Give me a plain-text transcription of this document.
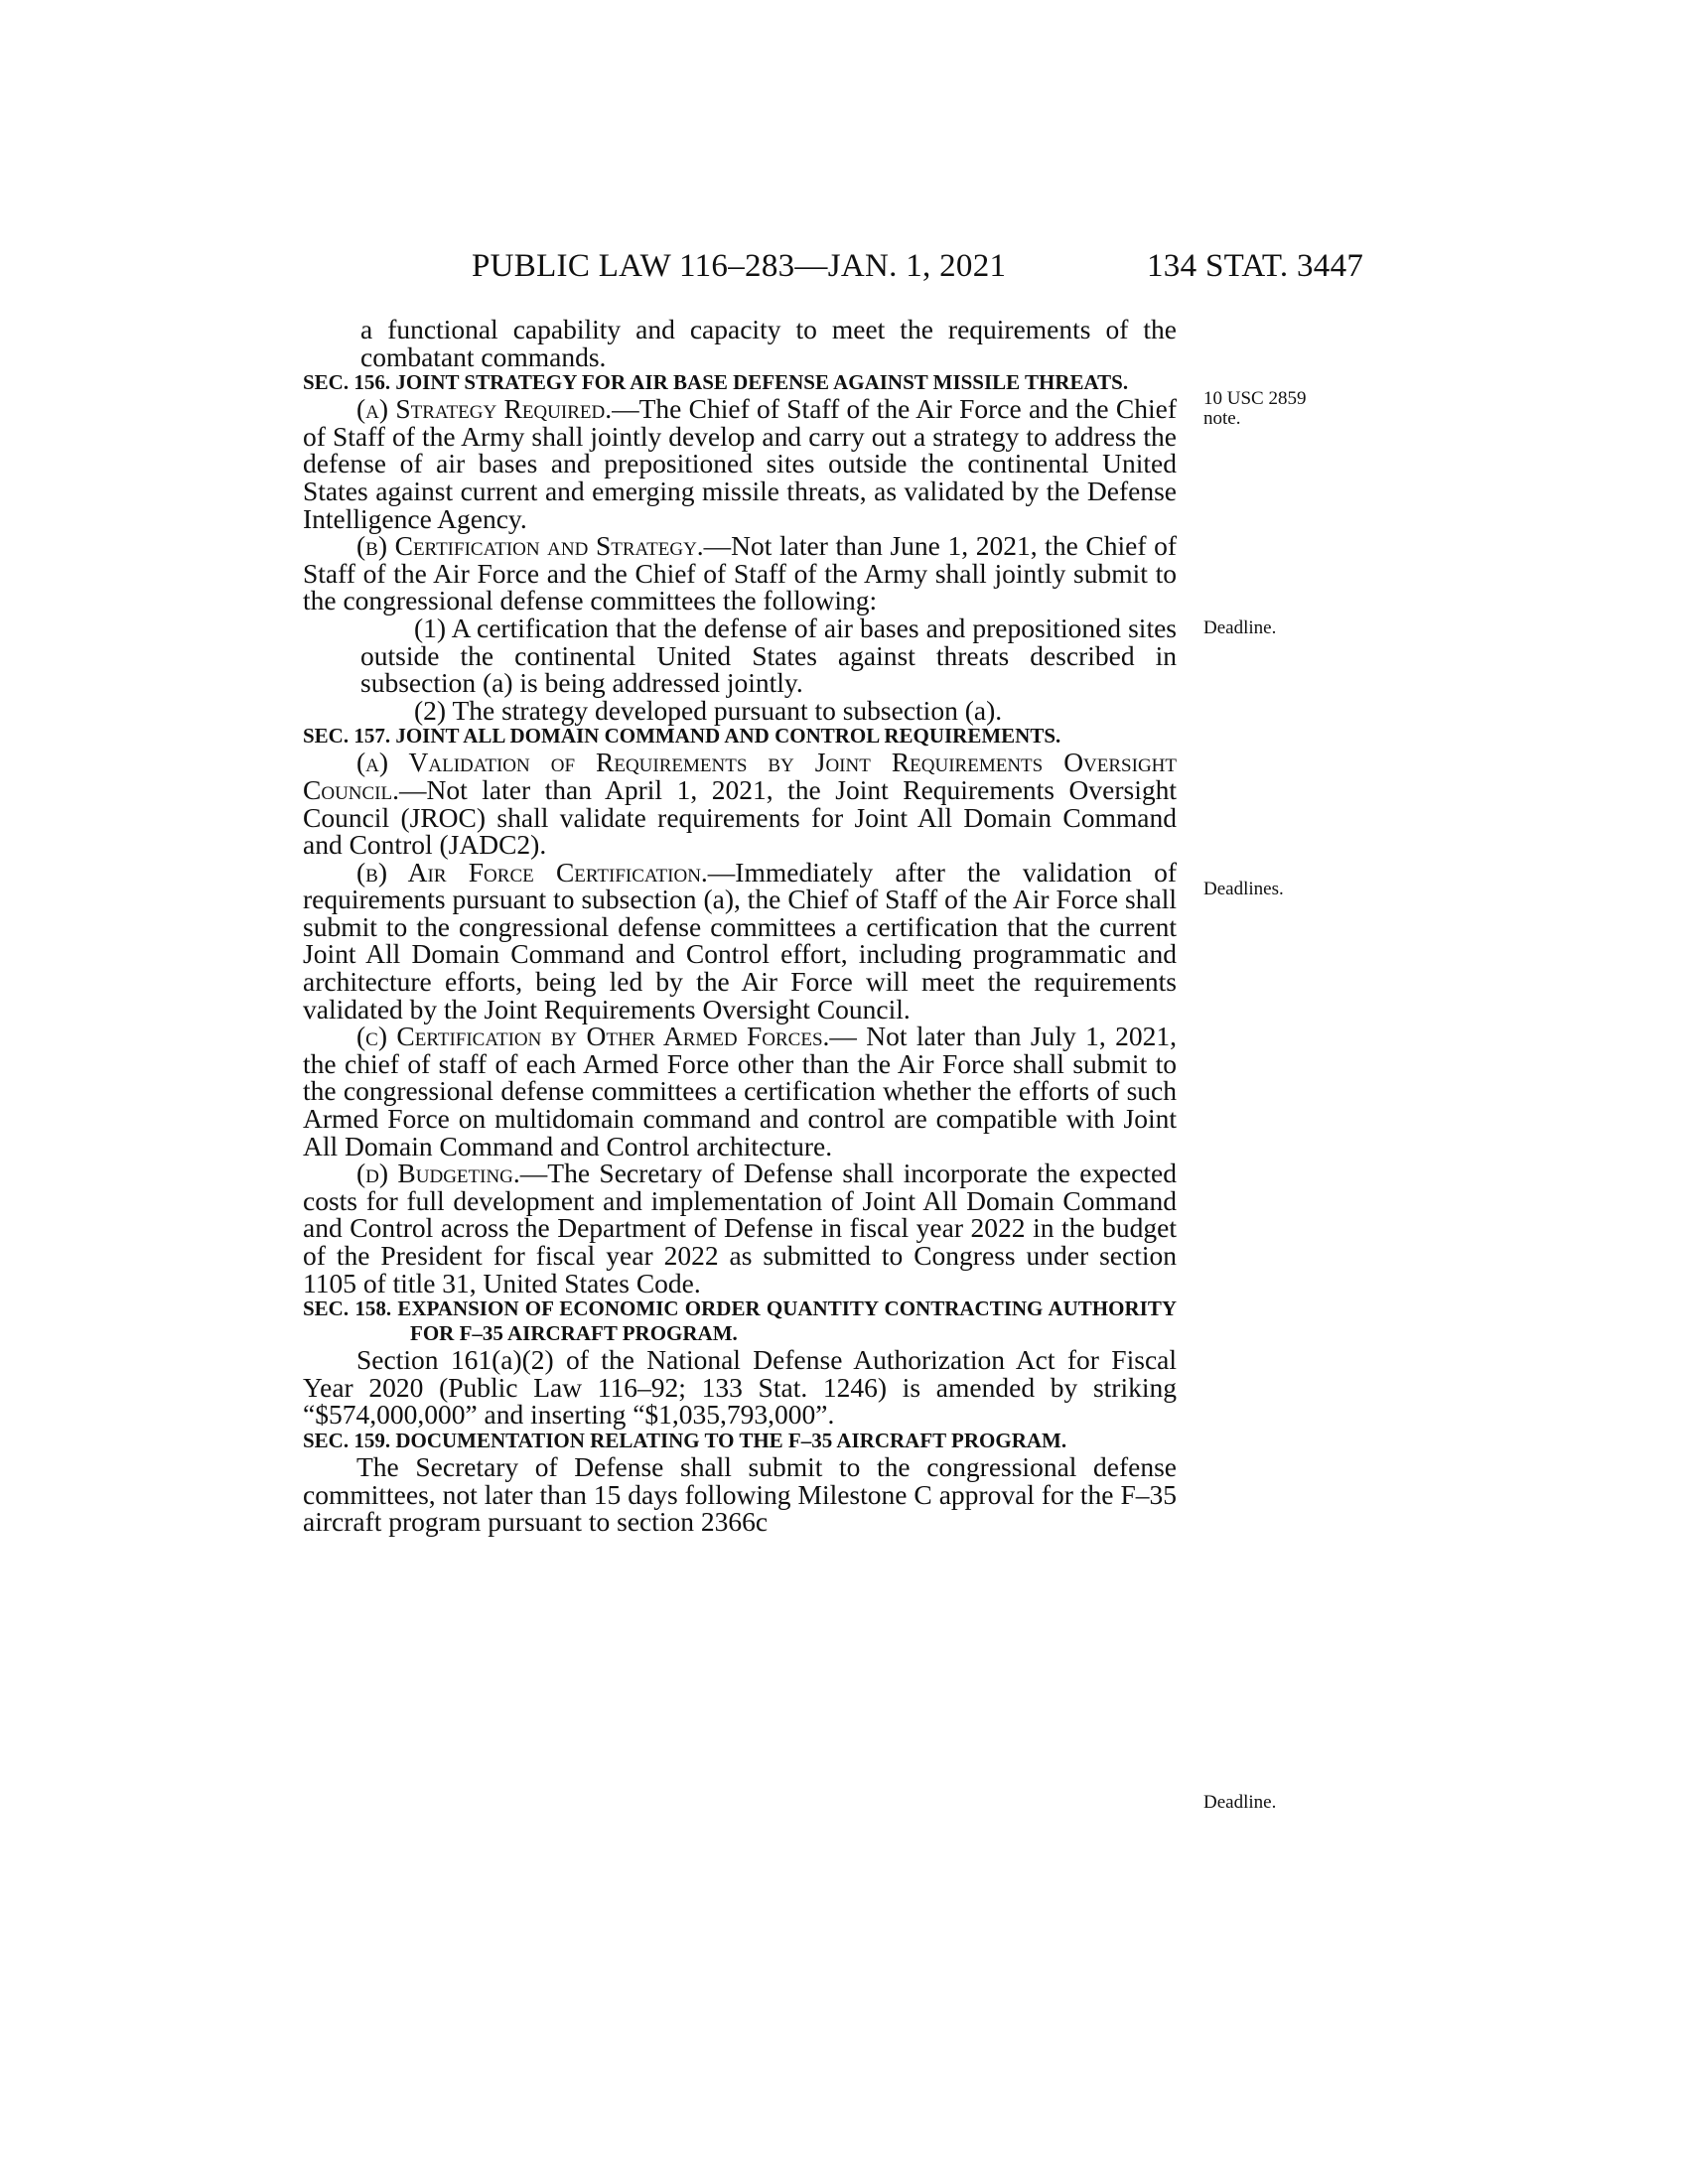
PUBLIC LAW 116–283—JAN. 1, 2021	134 STAT. 3447

a functional capability and capacity to meet the requirements of the combatant commands.

SEC. 156. JOINT STRATEGY FOR AIR BASE DEFENSE AGAINST MISSILE THREATS.

(a) Strategy Required.—The Chief of Staff of the Air Force and the Chief of Staff of the Army shall jointly develop and carry out a strategy to address the defense of air bases and prepositioned sites outside the continental United States against current and emerging missile threats, as validated by the Defense Intelligence Agency.

(b) Certification and Strategy.—Not later than June 1, 2021, the Chief of Staff of the Air Force and the Chief of Staff of the Army shall jointly submit to the congressional defense committees the following:

(1) A certification that the defense of air bases and prepositioned sites outside the continental United States against threats described in subsection (a) is being addressed jointly.

(2) The strategy developed pursuant to subsection (a).

SEC. 157. JOINT ALL DOMAIN COMMAND AND CONTROL REQUIREMENTS.

(a) Validation of Requirements by Joint Requirements Oversight Council.—Not later than April 1, 2021, the Joint Requirements Oversight Council (JROC) shall validate requirements for Joint All Domain Command and Control (JADC2).

(b) Air Force Certification.—Immediately after the validation of requirements pursuant to subsection (a), the Chief of Staff of the Air Force shall submit to the congressional defense committees a certification that the current Joint All Domain Command and Control effort, including programmatic and architecture efforts, being led by the Air Force will meet the requirements validated by the Joint Requirements Oversight Council.

(c) Certification by Other Armed Forces.— Not later than July 1, 2021, the chief of staff of each Armed Force other than the Air Force shall submit to the congressional defense committees a certification whether the efforts of such Armed Force on multidomain command and control are compatible with Joint All Domain Command and Control architecture.

(d) Budgeting.—The Secretary of Defense shall incorporate the expected costs for full development and implementation of Joint All Domain Command and Control across the Department of Defense in fiscal year 2022 in the budget of the President for fiscal year 2022 as submitted to Congress under section 1105 of title 31, United States Code.

SEC. 158. EXPANSION OF ECONOMIC ORDER QUANTITY CONTRACTING AUTHORITY FOR F–35 AIRCRAFT PROGRAM.

Section 161(a)(2) of the National Defense Authorization Act for Fiscal Year 2020 (Public Law 116–92; 133 Stat. 1246) is amended by striking “$574,000,000” and inserting “$1,035,793,000”.

SEC. 159. DOCUMENTATION RELATING TO THE F–35 AIRCRAFT PROGRAM.

The Secretary of Defense shall submit to the congressional defense committees, not later than 15 days following Milestone C approval for the F–35 aircraft program pursuant to section 2366c

10 USC 2859
note.
Deadline.
Deadlines.
Deadline.
